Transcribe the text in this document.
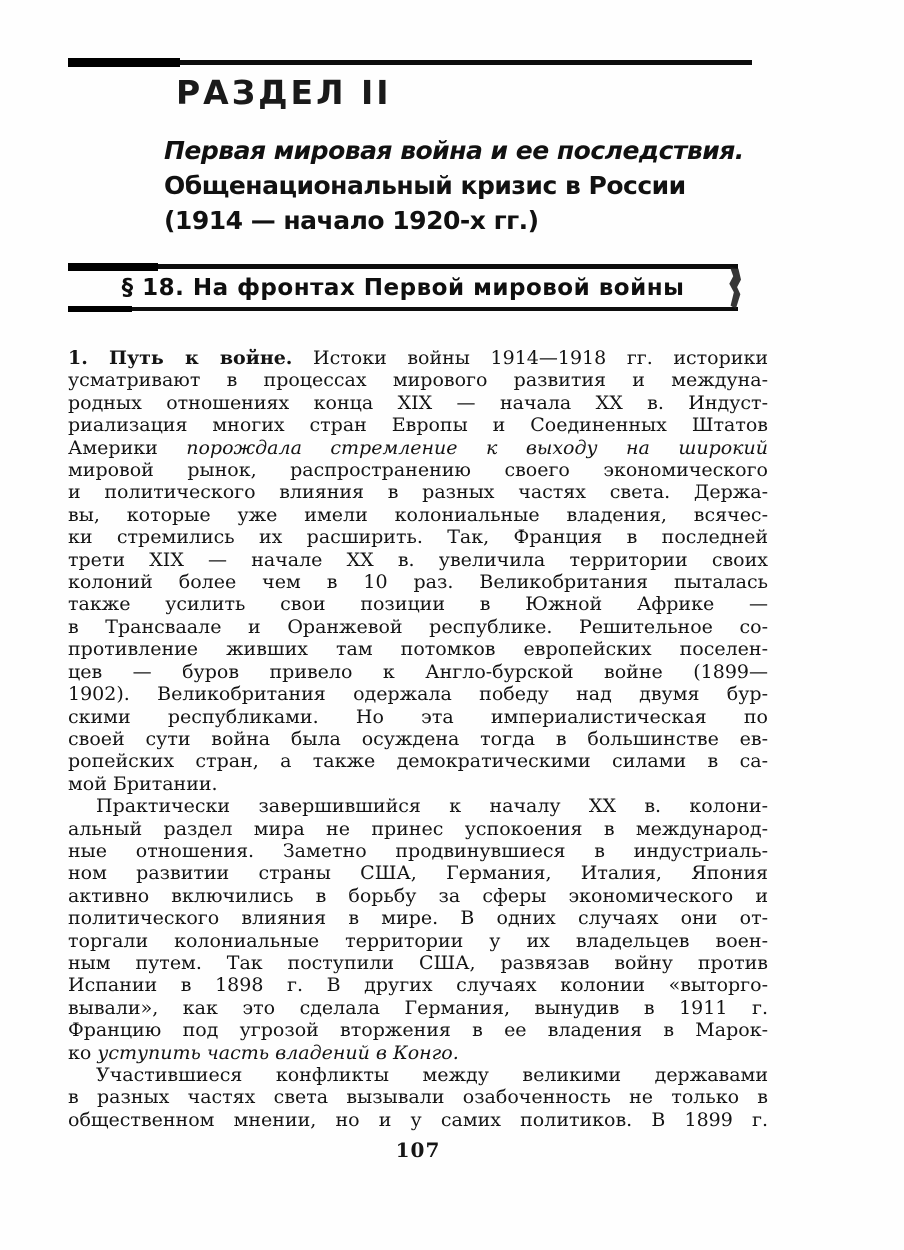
РАЗДЕЛ II
Первая мировая война и ее последствия.
Общенациональный кризис в России
(1914 — начало 1920-х гг.)
§ 18. На фронтах Первой мировой войны
1. Путь к войне. Истоки войны 1914—1918 гг. историки
усматривают в процессах мирового развития и междуна-
родных отношениях конца XIX — начала XX в. Индуст-
риализация многих стран Европы и Соединенных Штатов
Америки порождала стремление к выходу на широкий
мировой рынок, распространению своего экономического
и политического влияния в разных частях света. Держа-
вы, которые уже имели колониальные владения, всячес-
ки стремились их расширить. Так, Франция в последней
трети XIX — начале XX в. увеличила территории своих
колоний более чем в 10 раз. Великобритания пыталась
также усилить свои позиции в Южной Африке —
в Трансваале и Оранжевой республике. Решительное со-
противление живших там потомков европейских поселен-
цев — буров привело к Англо-бурской войне (1899—
1902). Великобритания одержала победу над двумя бур-
скими республиками. Но эта империалистическая по
своей сути война была осуждена тогда в большинстве ев-
ропейских стран, а также демократическими силами в са-
мой Британии.
Практически завершившийся к началу XX в. колони-
альный раздел мира не принес успокоения в международ-
ные отношения. Заметно продвинувшиеся в индустриаль-
ном развитии страны США, Германия, Италия, Япония
активно включились в борьбу за сферы экономического и
политического влияния в мире. В одних случаях они от-
торгали колониальные территории у их владельцев воен-
ным путем. Так поступили США, развязав войну против
Испании в 1898 г. В других случаях колонии «выторго-
вывали», как это сделала Германия, вынудив в 1911 г.
Францию под угрозой вторжения в ее владения в Марок-
ко уступить часть владений в Конго.
Участившиеся конфликты между великими державами
в разных частях света вызывали озабоченность не только в
общественном мнении, но и у самих политиков. В 1899 г.
107
